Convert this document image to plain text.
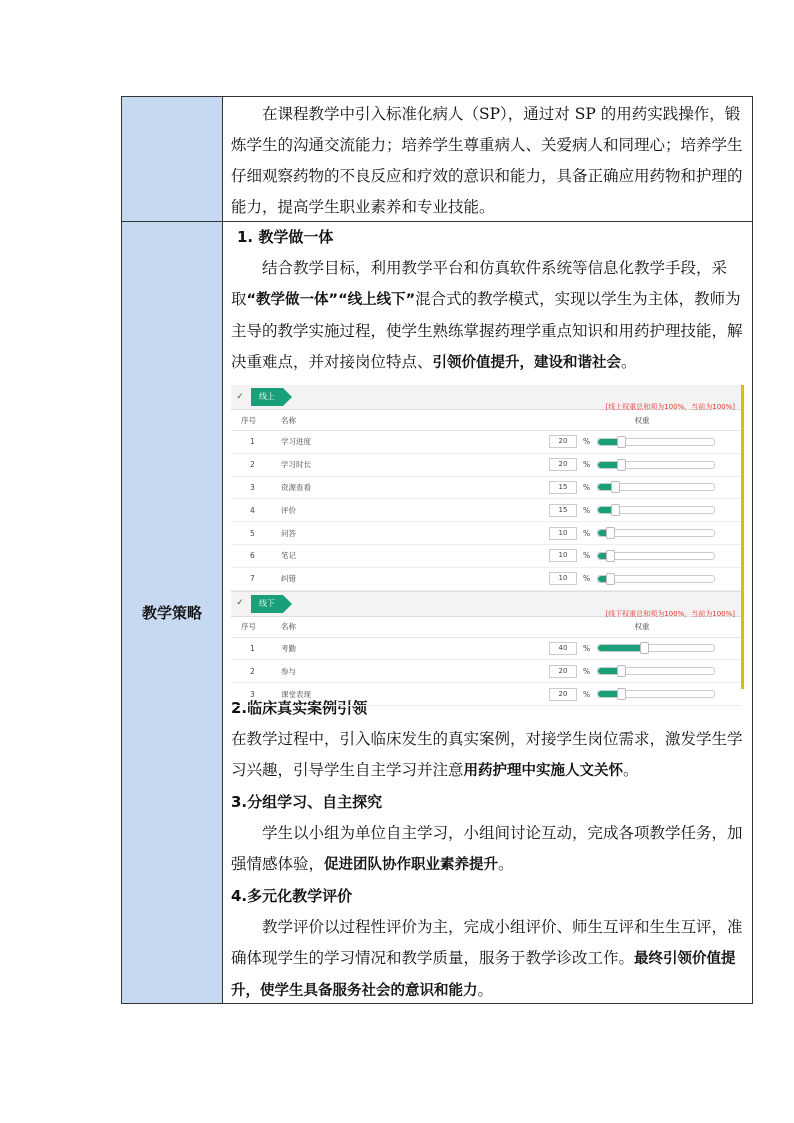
在课程教学中引入标准化病人（SP），通过对 SP 的用药实践操作，锻炼学生的沟通交流能力；培养学生尊重病人、关爱病人和同理心；培养学生仔细观察药物的不良反应和疗效的意识和能力，具备正确应用药物和护理的能力，提高学生职业素养和专业技能。

教学策略

1. 教学做一体

结合教学目标，利用教学平台和仿真软件系统等信息化教学手段，采取“教学做一体”“线上线下”混合式的教学模式，实现以学生为主体，教师为主导的教学实施过程，使学生熟练掌握药理学重点知识和用药护理技能，解决重难点，并对接岗位特点、引领价值提升，建设和谐社会。

✓	线上
[线上权重总和须为100%，当前为100%]
序号	名称	权重
1	学习进度	20	%
2	学习时长	20	%
3	资源查看	15	%
4	评价	15	%
5	问答	10	%
6	笔记	10	%
7	纠错	10	%
✓	线下
[线下权重总和须为100%，当前为100%]
序号	名称	权重
1	考勤	40	%
2	参与	20	%
3	课堂表现	20	%

2.临床真实案例引领

在教学过程中，引入临床发生的真实案例，对接学生岗位需求，激发学生学习兴趣，引导学生自主学习并注意用药护理中实施人文关怀。

3.分组学习、自主探究

学生以小组为单位自主学习，小组间讨论互动，完成各项教学任务，加强情感体验，促进团队协作职业素养提升。

4.多元化教学评价

教学评价以过程性评价为主，完成小组评价、师生互评和生生互评，准确体现学生的学习情况和教学质量，服务于教学诊改工作。最终引领价值提升，使学生具备服务社会的意识和能力。
